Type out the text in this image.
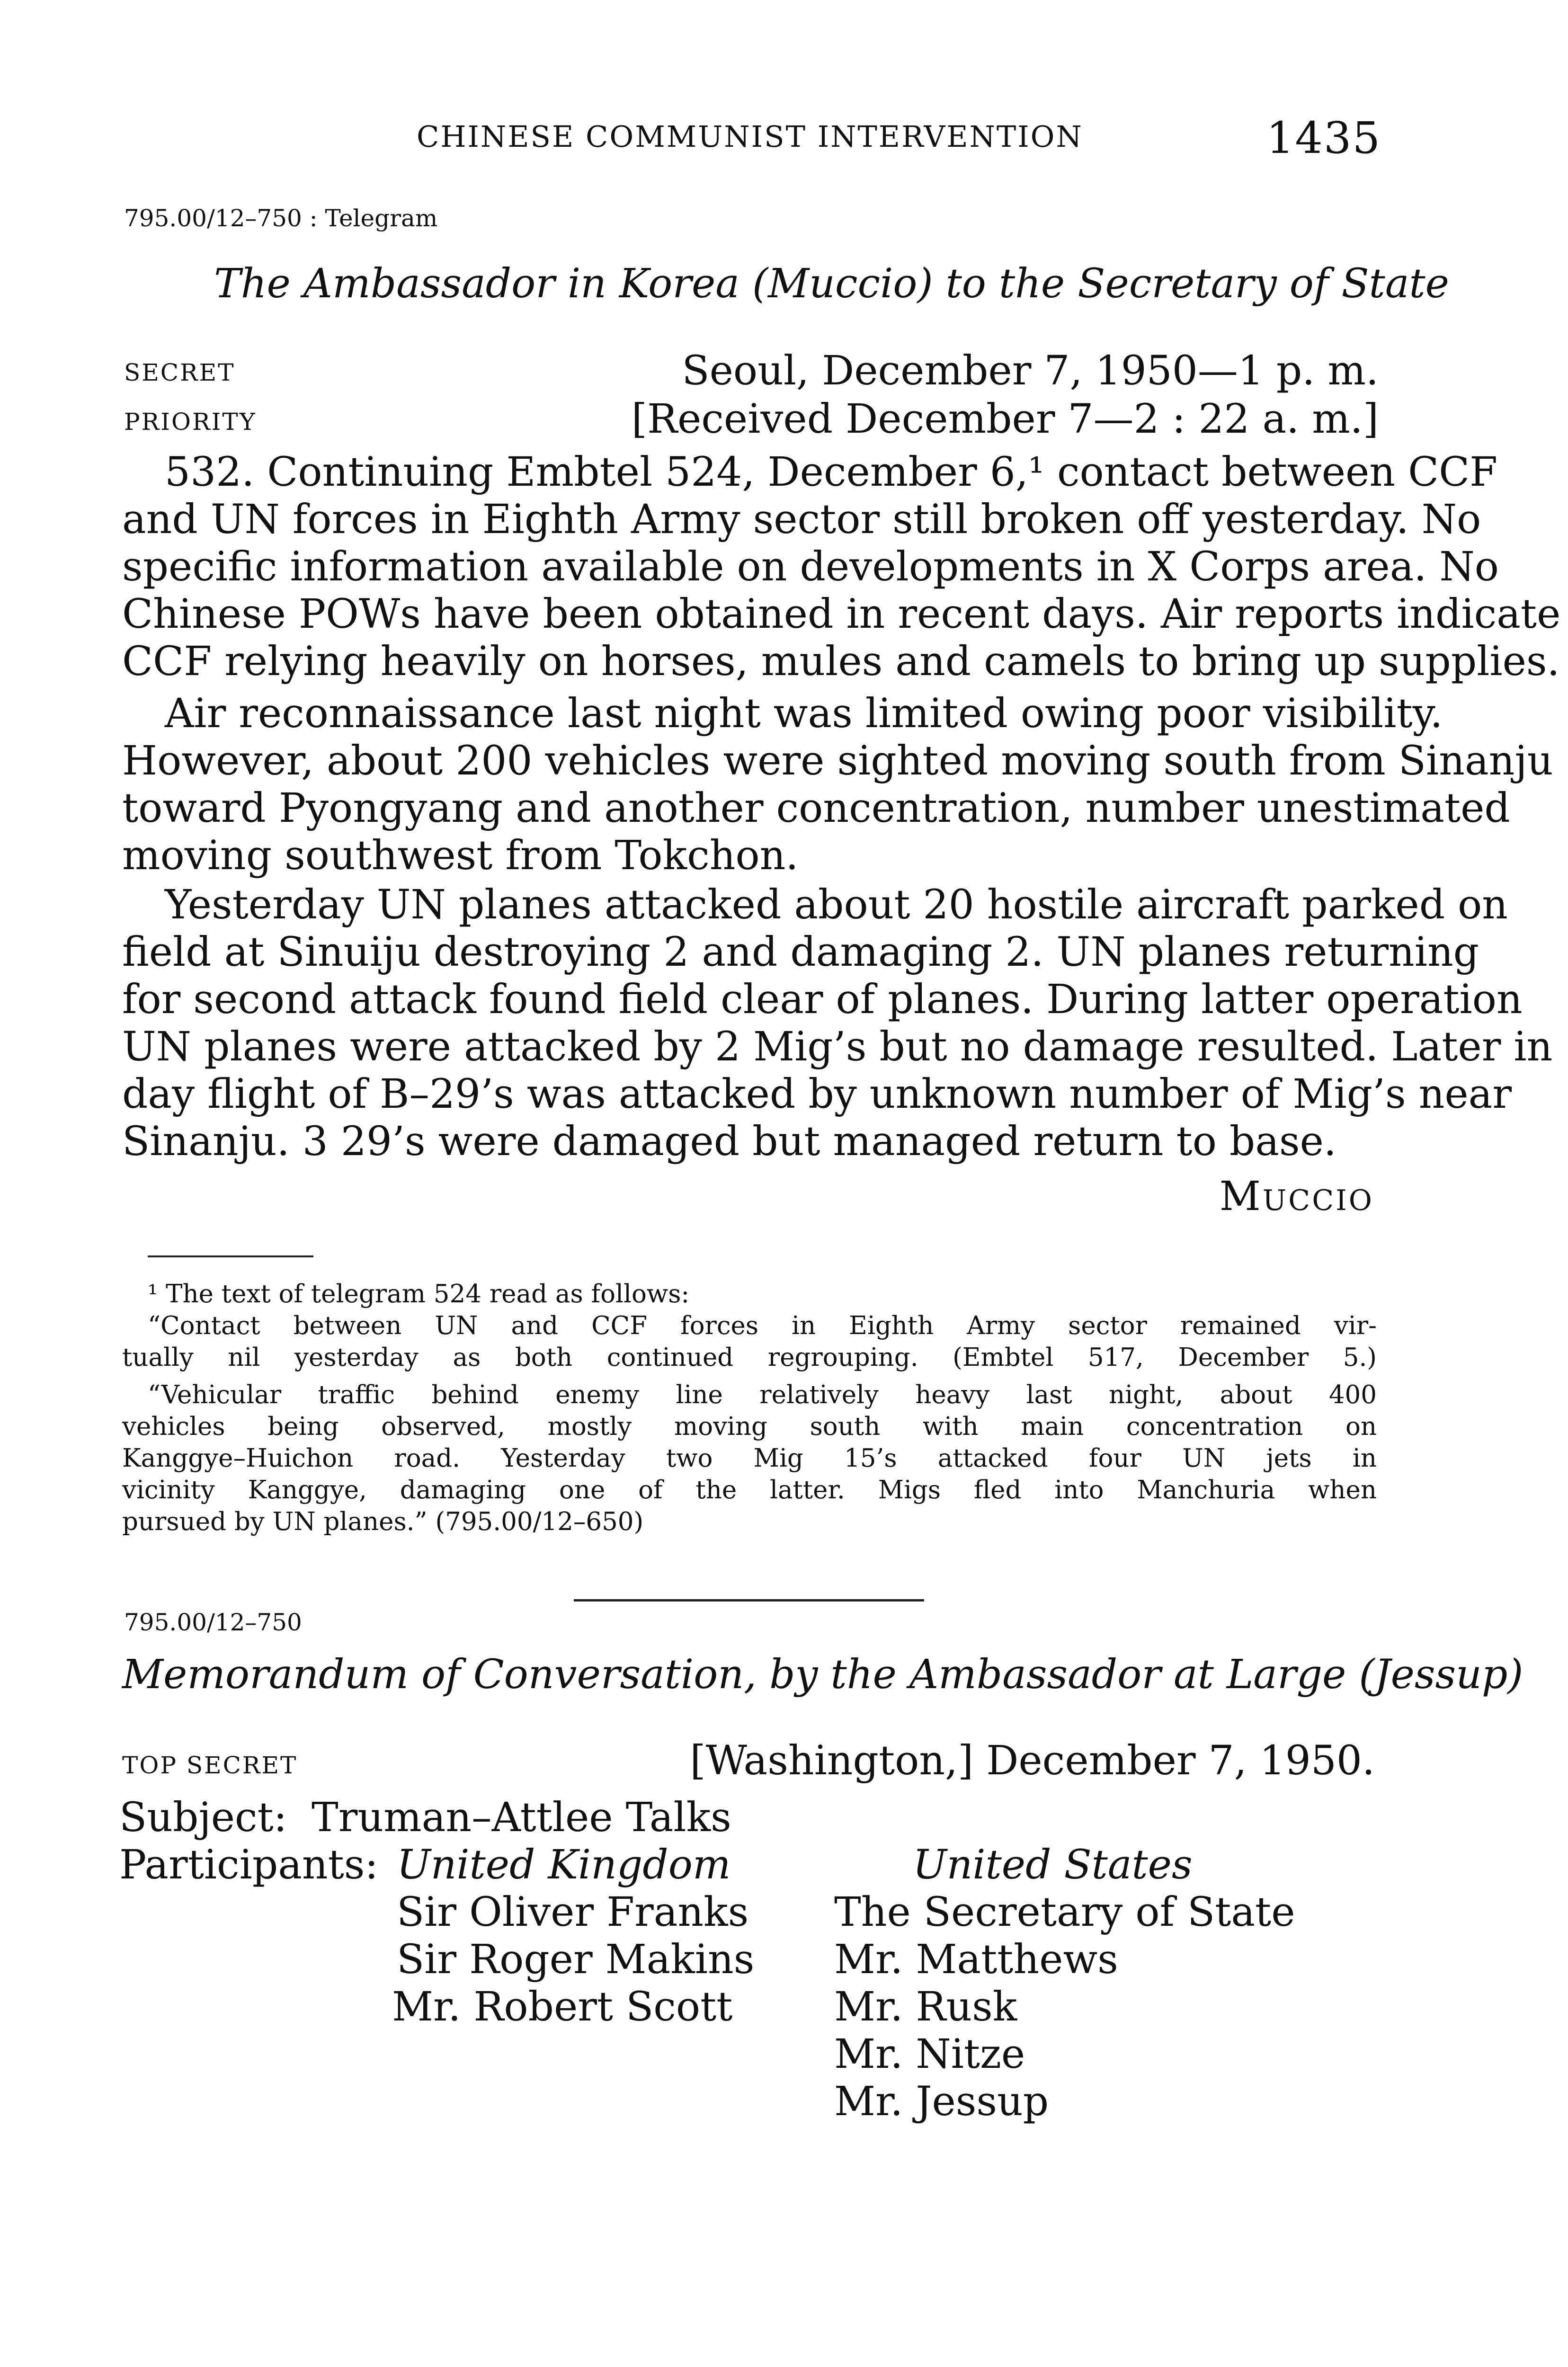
CHINESE COMMUNIST INTERVENTION	1435
795.00/12–750 : Telegram
The Ambassador in Korea (Muccio) to the Secretary of State
SECRET	Seoul, December 7, 1950—1 p. m.
PRIORITY	[Received December 7—2 : 22 a. m.]
532. Continuing Embtel 524, December 6,¹ contact between CCF
and UN forces in Eighth Army sector still broken off yesterday. No
specific information available on developments in X Corps area. No
Chinese POWs have been obtained in recent days. Air reports indicate
CCF relying heavily on horses, mules and camels to bring up supplies.
Air reconnaissance last night was limited owing poor visibility.
However, about 200 vehicles were sighted moving south from Sinanju
toward Pyongyang and another concentration, number unestimated
moving southwest from Tokchon.
Yesterday UN planes attacked about 20 hostile aircraft parked on
field at Sinuiju destroying 2 and damaging 2. UN planes returning
for second attack found field clear of planes. During latter operation
UN planes were attacked by 2 Mig’s but no damage resulted. Later in
day flight of B–29’s was attacked by unknown number of Mig’s near
Sinanju. 3 29’s were damaged but managed return to base.
Muccio
¹ The text of telegram 524 read as follows:
“Contact between UN and CCF forces in Eighth Army sector remained vir-
tually nil yesterday as both continued regrouping. (Embtel 517, December 5.)
“Vehicular traffic behind enemy line relatively heavy last night, about 400
vehicles being observed, mostly moving south with main concentration on
Kanggye–Huichon road. Yesterday two Mig 15’s attacked four UN jets in
vicinity Kanggye, damaging one of the latter. Migs fled into Manchuria when
pursued by UN planes.” (795.00/12–650)
795.00/12–750
Memorandum of Conversation, by the Ambassador at Large (Jessup)
TOP SECRET	[Washington,] December 7, 1950.
Subject: Truman–Attlee Talks
Participants: United Kingdom
Sir Oliver Franks
Sir Roger Makins
Mr. Robert Scott
United States
The Secretary of State
Mr. Matthews
Mr. Rusk
Mr. Nitze
Mr. Jessup
